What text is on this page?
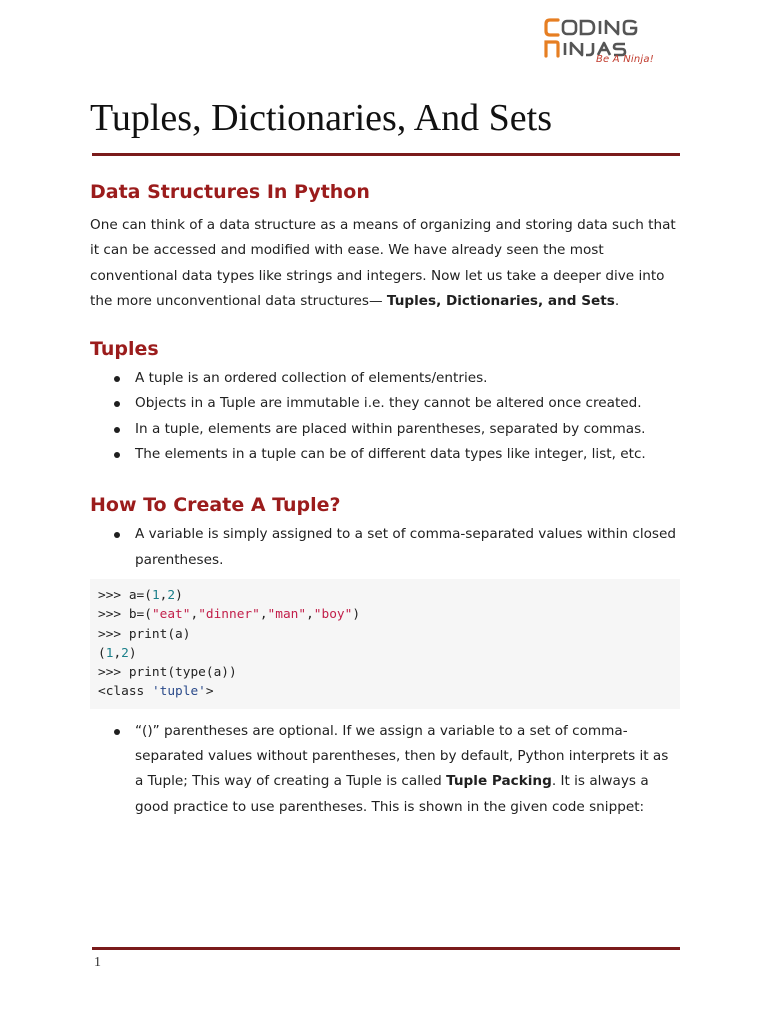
Be A Ninja!
Tuples, Dictionaries, And Sets
Data Structures In Python

One can think of a data structure as a means of organizing and storing data such that it can be accessed and modified with ease. We have already seen the most conventional data types like strings and integers. Now let us take a deeper dive into the more unconventional data structures— Tuples, Dictionaries, and Sets.

Tuples
A tuple is an ordered collection of elements/entries.
Objects in a Tuple are immutable i.e. they cannot be altered once created.
In a tuple, elements are placed within parentheses, separated by commas.
The elements in a tuple can be of different data types like integer, list, etc.
How To Create A Tuple?
A variable is simply assigned to a set of comma-separated values within closed parentheses.
>>> a=(1,2)
>>> b=("eat","dinner","man","boy")
>>> print(a)
(1,2)
>>> print(type(a))
<class 'tuple'>
“()” parentheses are optional. If we assign a variable to a set of comma-separated values without parentheses, then by default, Python interprets it as a Tuple; This way of creating a Tuple is called Tuple Packing. It is always a good practice to use parentheses. This is shown in the given code snippet:
1
